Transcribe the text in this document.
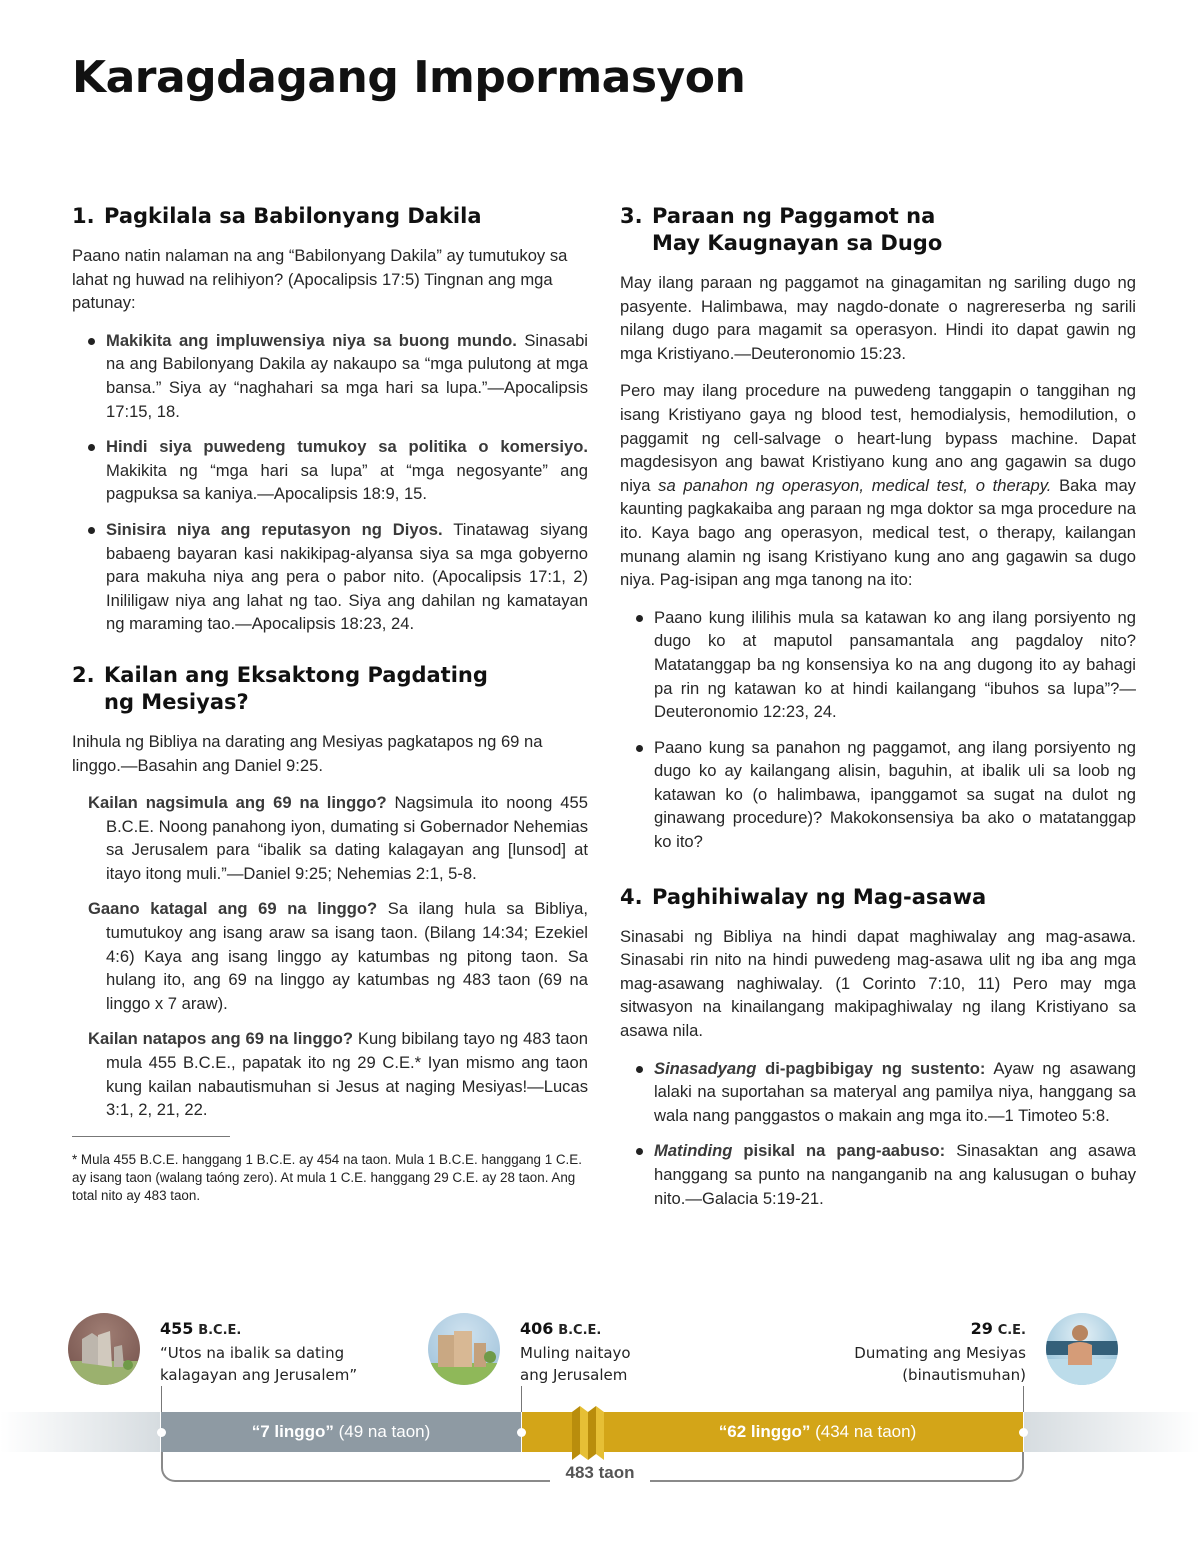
Karagdagang Impormasyon
1. Pagkilala sa Babilonyang Dakila

Paano natin nalaman na ang “Babilonyang Dakila” ay tumutukoy sa lahat ng huwad na relihiyon? (Apocalipsis 17:5) Tingnan ang mga patunay:

Makikita ang impluwensiya niya sa buong mundo. Sinasabi na ang Babilonyang Dakila ay nakaupo sa “mga pulutong at mga bansa.” Siya ay “naghahari sa mga hari sa lupa.”—Apocalipsis 17:15, 18.
Hindi siya puwedeng tumukoy sa politika o komersiyo. Makikita ng “mga hari sa lupa” at “mga negosyante” ang pagpuksa sa kaniya.—Apocalipsis 18:9, 15.
Sinisira niya ang reputasyon ng Diyos. Tinatawag siyang babaeng bayaran kasi nakikipag-alyansa siya sa mga gobyerno para makuha niya ang pera o pabor nito. (Apocalipsis 17:1, 2) Inililigaw niya ang lahat ng tao. Siya ang dahilan ng kamatayan ng maraming tao.—Apocalipsis 18:23, 24.
2. Kailan ang Eksaktong Pagdating
ng Mesiyas?

Inihula ng Bibliya na darating ang Mesiyas pagkatapos ng 69 na linggo.—Basahin ang Daniel 9:25.

Kailan nagsimula ang 69 na linggo? Nagsimula ito noong 455 B.C.E. Noong panahong iyon, dumating si Gobernador Nehemias sa Jerusalem para “ibalik sa dating kalagayan ang [lunsod] at itayo itong muli.”—Daniel 9:25; Nehemias 2:1, 5-8.

Gaano katagal ang 69 na linggo? Sa ilang hula sa Bibliya, tumutukoy ang isang araw sa isang taon. (Bilang 14:34; Ezekiel 4:6) Kaya ang isang linggo ay katumbas ng pitong taon. Sa hulang ito, ang 69 na linggo ay katumbas ng 483 taon (69 na linggo x 7 araw).

Kailan natapos ang 69 na linggo? Kung bibilang tayo ng 483 taon mula 455 B.C.E., papatak ito ng 29 C.E.* Iyan mismo ang taon kung kailan nabautismuhan si Jesus at naging Mesiyas!—Lucas 3:1, 2, 21, 22.

* Mula 455 B.C.E. hanggang 1 B.C.E. ay 454 na taon. Mula 1 B.C.E. hanggang 1 C.E. ay isang taon (walang taóng zero). At mula 1 C.E. hanggang 29 C.E. ay 28 taon. Ang total nito ay 483 taon.

3. Paraan ng Paggamot na
May Kaugnayan sa Dugo

May ilang paraan ng paggamot na ginagamitan ng sariling dugo ng pasyente. Halimbawa, may nagdo-donate o nagrereserba ng sarili nilang dugo para magamit sa operasyon. Hindi ito dapat gawin ng mga Kristiyano.—Deuteronomio 15:23.

Pero may ilang procedure na puwedeng tanggapin o tanggihan ng isang Kristiyano gaya ng blood test, hemodialysis, hemodilution, o paggamit ng cell-salvage o heart-lung bypass machine. Dapat magdesisyon ang bawat Kristiyano kung ano ang gagawin sa dugo niya sa panahon ng operasyon, medical test, o therapy. Baka may kaunting pagkakaiba ang paraan ng mga doktor sa mga procedure na ito. Kaya bago ang operasyon, medical test, o therapy, kailangan munang alamin ng isang Kristiyano kung ano ang gagawin sa dugo niya. Pag-isipan ang mga tanong na ito:

Paano kung ililihis mula sa katawan ko ang ilang porsiyento ng dugo ko at maputol pansamantala ang pagdaloy nito? Matatanggap ba ng konsensiya ko na ang dugong ito ay bahagi pa rin ng katawan ko at hindi kailangang “ibuhos sa lupa”?—Deuteronomio 12:23, 24.
Paano kung sa panahon ng paggamot, ang ilang porsiyento ng dugo ko ay kailangang alisin, baguhin, at ibalik uli sa loob ng katawan ko (o halimbawa, ipanggamot sa sugat na dulot ng ginawang procedure)? Makokonsensiya ba ako o matatanggap ko ito?
4. Paghihiwalay ng Mag-asawa

Sinasabi ng Bibliya na hindi dapat maghiwalay ang mag-asawa. Sinasabi rin nito na hindi puwedeng mag-asawa ulit ng iba ang mga mag-asawang naghiwalay. (1 Corinto 7:10, 11) Pero may mga sitwasyon na kinailangang makipaghiwalay ng ilang Kristiyano sa asawa nila.

Sinasadyang di-pagbibigay ng sustento: Ayaw ng asawang lalaki na suportahan sa materyal ang pamilya niya, hanggang sa wala nang panggastos o makain ang mga ito.—1 Timoteo 5:8.
Matinding pisikal na pang-aabuso: Sinasaktan ang asawa hanggang sa punto na nanganganib na ang kalusugan o buhay nito.—Galacia 5:19-21.
455 B.C.E.
“Utos na ibalik sa dating
kalagayan ang Jerusalem”
406 B.C.E.
Muling naitayo
ang Jerusalem
29 C.E.
Dumating ang Mesiyas
(binautismuhan)
“7 linggo” (49 na taon)	“62 linggo” (434 na taon)
483 taon
